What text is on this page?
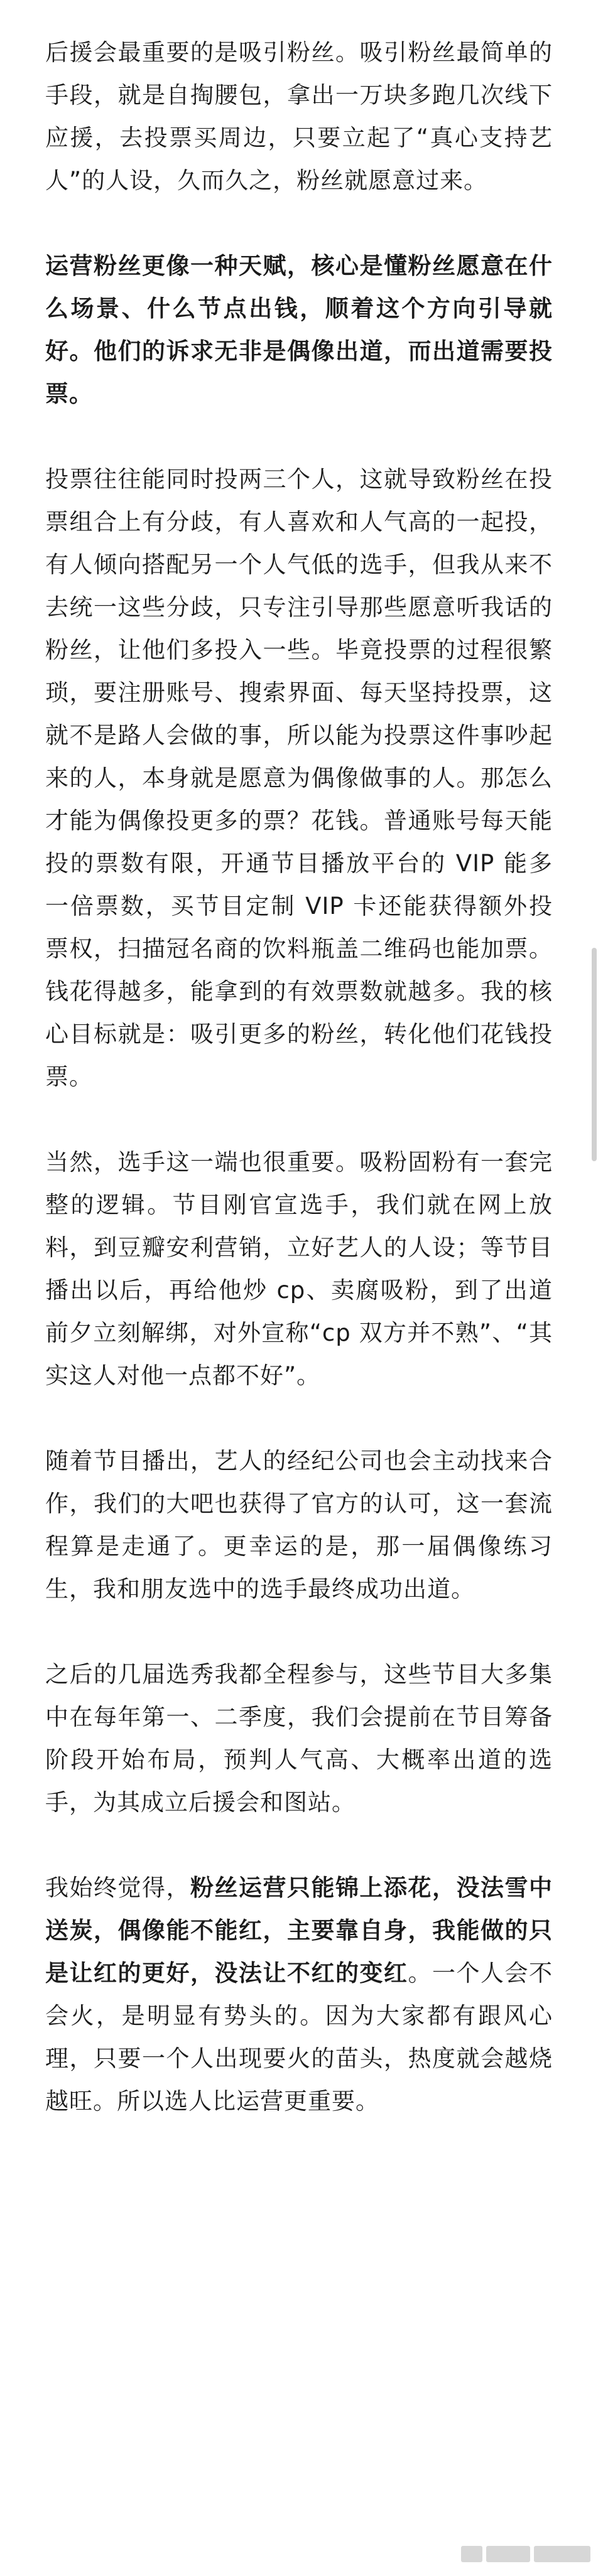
后援会最重要的是吸引粉丝。吸引粉丝最简单的手段，就是自掏腰包，拿出一万块多跑几次线下应援，去投票买周边，只要立起了“真心支持艺人”的人设，久而久之，粉丝就愿意过来。

运营粉丝更像一种天赋，核心是懂粉丝愿意在什么场景、什么节点出钱，顺着这个方向引导就好。他们的诉求无非是偶像出道，而出道需要投票。

投票往往能同时投两三个人，这就导致粉丝在投票组合上有分歧，有人喜欢和人气高的一起投，有人倾向搭配另一个人气低的选手，但我从来不去统一这些分歧，只专注引导那些愿意听我话的粉丝，让他们多投入一些。毕竟投票的过程很繁琐，要注册账号、搜索界面、每天坚持投票，这就不是路人会做的事，所以能为投票这件事吵起来的人，本身就是愿意为偶像做事的人。那怎么才能为偶像投更多的票？花钱。普通账号每天能投的票数有限，开通节目播放平台的 VIP 能多一倍票数，买节目定制 VIP 卡还能获得额外投票权，扫描冠名商的饮料瓶盖二维码也能加票。钱花得越多，能拿到的有效票数就越多。我的核心目标就是：吸引更多的粉丝，转化他们花钱投票。

当然，选手这一端也很重要。吸粉固粉有一套完整的逻辑。节目刚官宣选手，我们就在网上放料，到豆瓣安利营销，立好艺人的人设；等节目播出以后，再给他炒 cp、卖腐吸粉，到了出道前夕立刻解绑，对外宣称“cp 双方并不熟”、“其实这人对他一点都不好”。

随着节目播出，艺人的经纪公司也会主动找来合作，我们的大吧也获得了官方的认可，这一套流程算是走通了。更幸运的是，那一届偶像练习生，我和朋友选中的选手最终成功出道。

之后的几届选秀我都全程参与，这些节目大多集中在每年第一、二季度，我们会提前在节目筹备阶段开始布局，预判人气高、大概率出道的选手，为其成立后援会和图站。

我始终觉得，粉丝运营只能锦上添花，没法雪中送炭，偶像能不能红，主要靠自身，我能做的只是让红的更好，没法让不红的变红。一个人会不会火，是明显有势头的。因为大家都有跟风心理，只要一个人出现要火的苗头，热度就会越烧越旺。所以选人比运营更重要。
